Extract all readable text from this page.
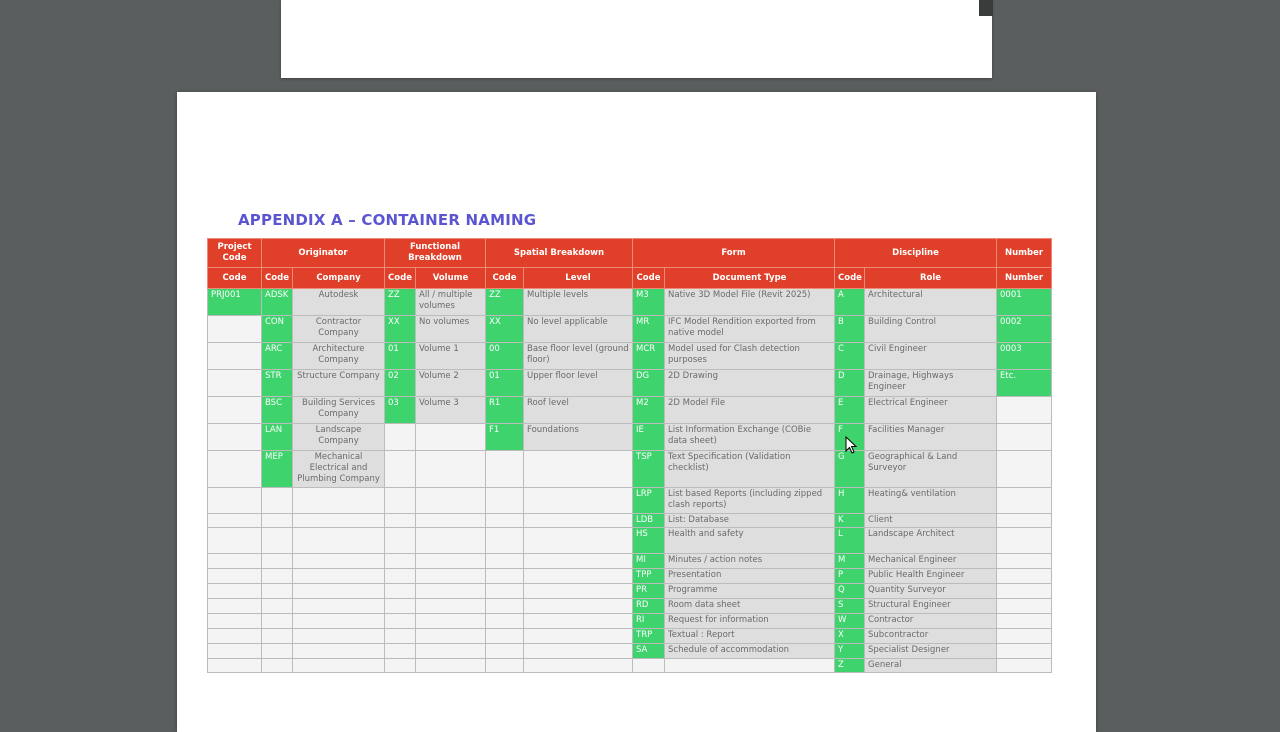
APPENDIX A – CONTAINER NAMING
Project Code	Originator		Functional Breakdown		Spatial Breakdown		Form		Discipline		Number
Code	Code	Company	Code	Volume	Code	Level	Code	Document Type	Code	Role	Number
PRJ001	ADSK	Autodesk	ZZ	All / multiple volumes	ZZ	Multiple levels	M3	Native 3D Model File (Revit 2025)	A	Architectural	0001
	CON	Contractor Company	XX	No volumes	XX	No level applicable	MR	IFC Model Rendition exported from native model	B	Building Control	0002
	ARC	Architecture Company	01	Volume 1	00	Base floor level (ground floor)	MCR	Model used for Clash detection purposes	C	Civil Engineer	0003
	STR	Structure Company	02	Volume 2	01	Upper floor level	DG	2D Drawing	D	Drainage, Highways Engineer	Etc.
	BSC	Building Services Company	03	Volume 3	R1	Roof level	M2	2D Model File	E	Electrical Engineer	
	LAN	Landscape Company			F1	Foundations	IE	List Information Exchange (COBie data sheet)	F	Facilities Manager	
	MEP	Mechanical Electrical and Plumbing Company					TSP	Text Specification (Validation checklist)	G	Geographical & Land Surveyor	
							LRP	List based Reports (including zipped clash reports)	H	Heating& ventilation	
							LDB	List: Database	K	Client	
							HS	Health and safety	L	Landscape Architect	
							MI	Minutes / action notes	M	Mechanical Engineer	
							TPP	Presentation	P	Public Health Engineer	
							PR	Programme	Q	Quantity Surveyor	
							RD	Room data sheet	S	Structural Engineer	
							RI	Request for information	W	Contractor	
							TRP	Textual : Report	X	Subcontractor	
							SA	Schedule of accommodation	Y	Specialist Designer	
									Z	General	
